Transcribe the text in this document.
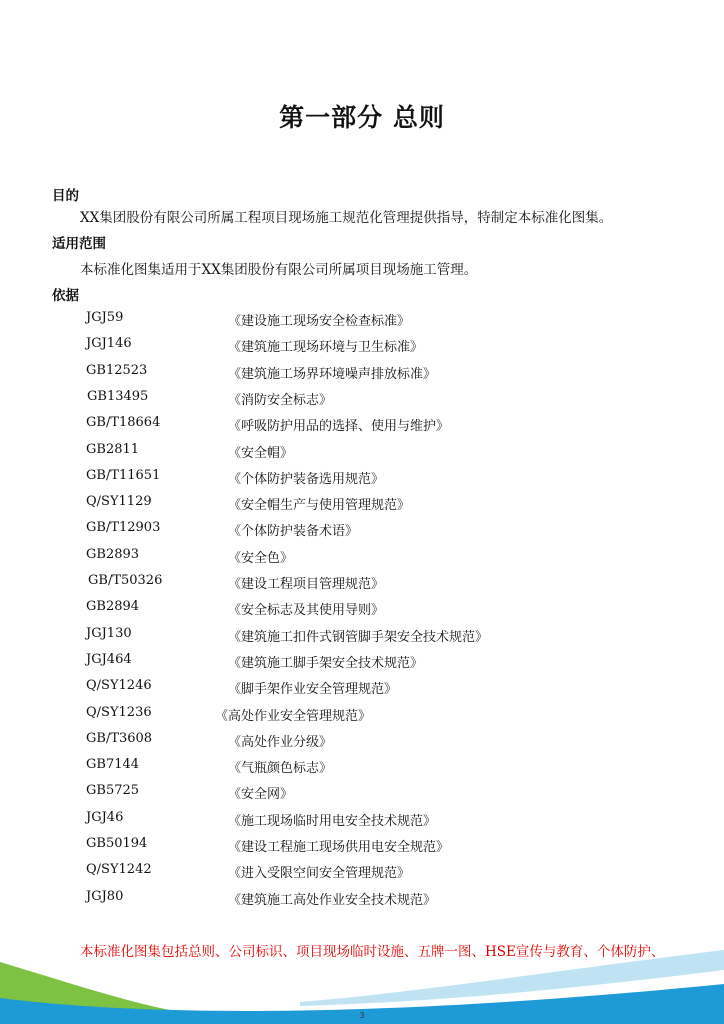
第一部分 总则
目的
XX集团股份有限公司所属工程项目现场施工规范化管理提供指导，特制定本标准化图集。
适用范围
本标准化图集适用于XX集团股份有限公司所属项目现场施工管理。
依据
JGJ59	《建设施工现场安全检查标准》
JGJ146	《建筑施工现场环境与卫生标准》
GB12523	《建筑施工场界环境噪声排放标准》
GB13495	《消防安全标志》
GB/T18664	《呼吸防护用品的选择、使用与维护》
GB2811	《安全帽》
GB/T11651	《个体防护装备选用规范》
Q/SY1129	《安全帽生产与使用管理规范》
GB/T12903	《个体防护装备术语》
GB2893	《安全色》
GB/T50326	《建设工程项目管理规范》
GB2894	《安全标志及其使用导则》
JGJ130	《建筑施工扣件式钢管脚手架安全技术规范》
JGJ464	《建筑施工脚手架安全技术规范》
Q/SY1246	《脚手架作业安全管理规范》
Q/SY1236	《高处作业安全管理规范》
GB/T3608	《高处作业分级》
GB7144	《气瓶颜色标志》
GB5725	《安全网》
JGJ46	《施工现场临时用电安全技术规范》
GB50194	《建设工程施工现场供用电安全规范》
Q/SY1242	《进入受限空间安全管理规范》
JGJ80	《建筑施工高处作业安全技术规范》
本标准化图集包括总则、公司标识、项目现场临时设施、五牌一图、HSE宣传与教育、个体防护、
3
